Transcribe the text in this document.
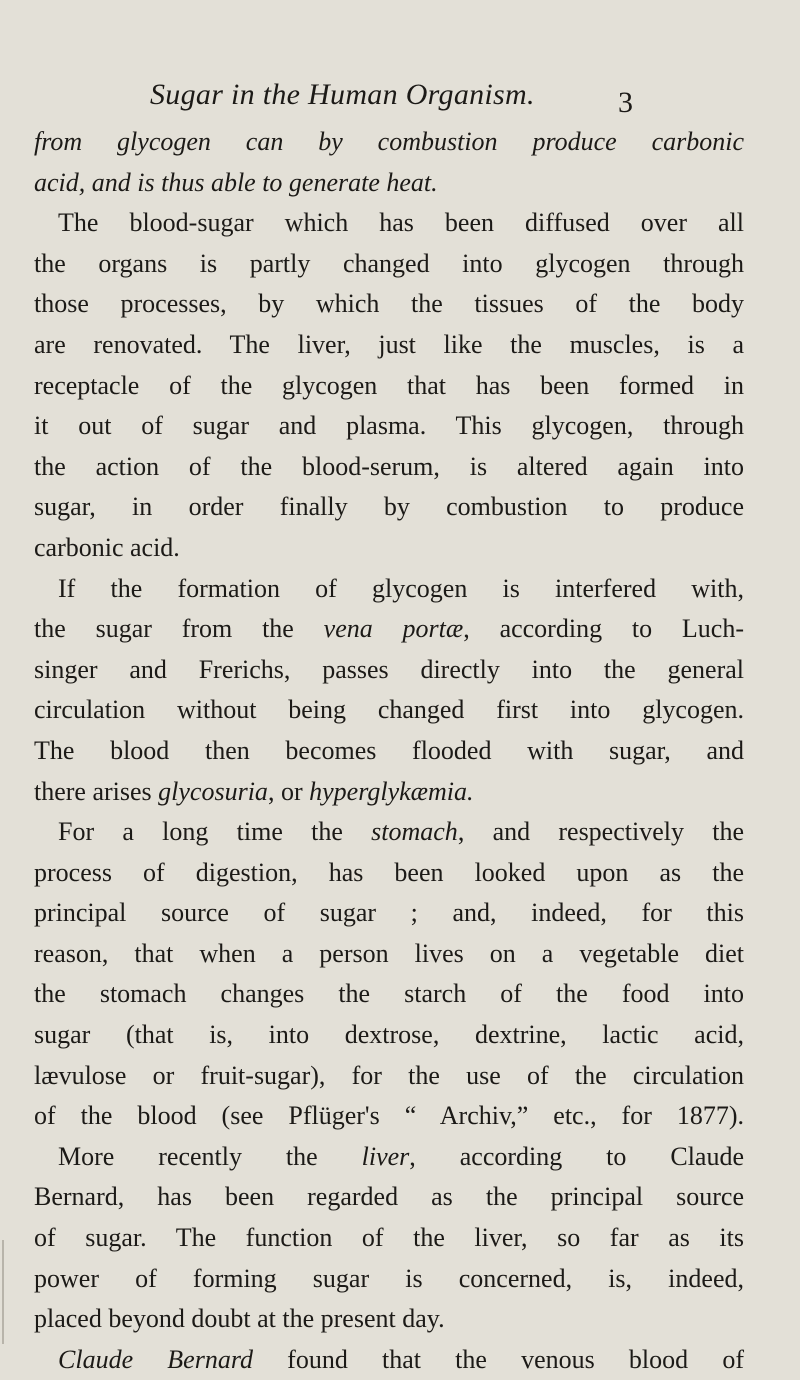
Sugar in the Human Organism.	3
from glycogen can by combustion produce carbonic
acid, and is thus able to generate heat.
The blood-sugar which has been diffused over all
the organs is partly changed into glycogen through
those processes, by which the tissues of the body
are renovated. The liver, just like the muscles, is a
receptacle of the glycogen that has been formed in
it out of sugar and plasma. This glycogen, through
the action of the blood-serum, is altered again into
sugar, in order finally by combustion to produce
carbonic acid.
If the formation of glycogen is interfered with,
the sugar from the vena portæ, according to Luch-
singer and Frerichs, passes directly into the general
circulation without being changed first into glycogen.
The blood then becomes flooded with sugar, and
there arises glycosuria, or hyperglykæmia.
For a long time the stomach, and respectively the
process of digestion, has been looked upon as the
principal source of sugar ; and, indeed, for this
reason, that when a person lives on a vegetable diet
the stomach changes the starch of the food into
sugar (that is, into dextrose, dextrine, lactic acid,
lævulose or fruit-sugar), for the use of the circulation
of the blood (see Pflüger's “ Archiv,” etc., for 1877).
More recently the liver, according to Claude
Bernard, has been regarded as the principal source
of sugar. The function of the liver, so far as its
power of forming sugar is concerned, is, indeed,
placed beyond doubt at the present day.
Claude Bernard found that the venous blood of
